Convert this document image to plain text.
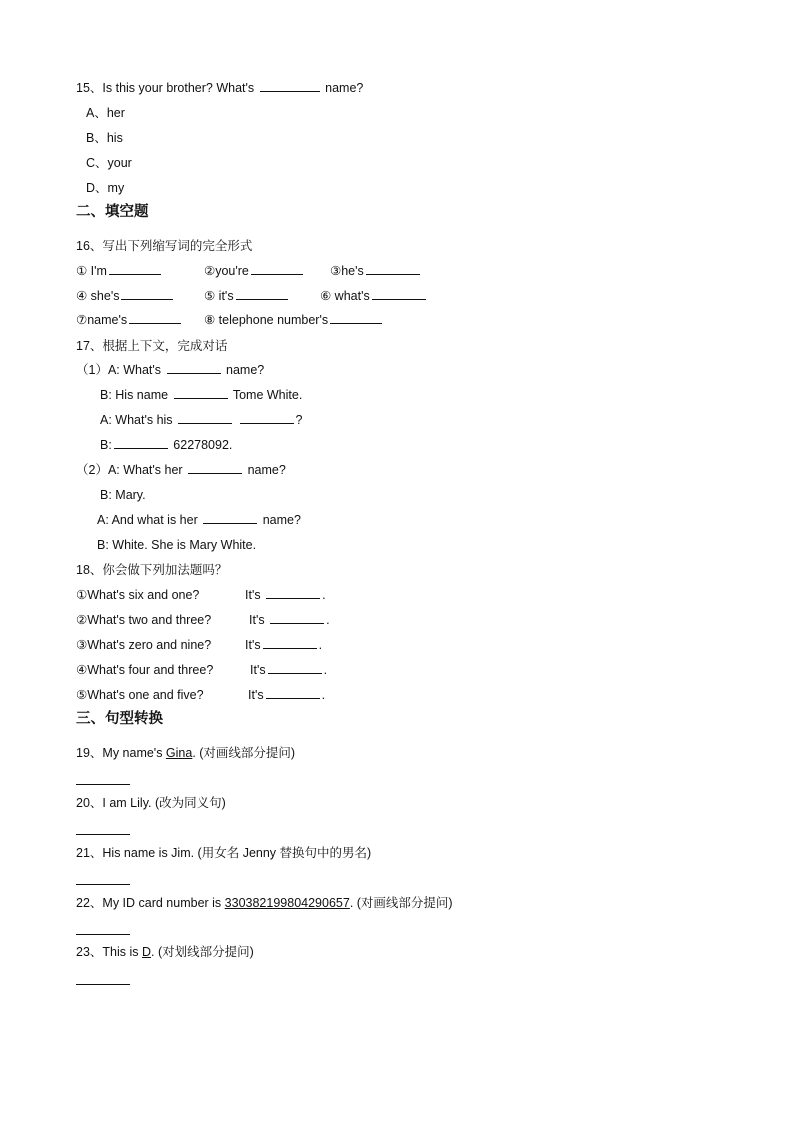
15、Is this your brother? What's	name?
A、her
B、his
C、your
D、my
二、填空题
16、写出下列缩写词的完全形式
① I'm	②you're	③he's
④ she's	⑤ it's	⑥ what's
⑦name's	⑧ telephone number's
17、根据上下文，完成对话
（1）A: What's	name?
B: His name	Tome White.
A: What's his	?
B:	62278092.
（2）A: What's her	name?
B: Mary.
A: And what is her	name?
B: White. She is Mary White.
18、你会做下列加法题吗？
①What's six and one?	It's	.
②What's two and three?	It's	.
③What's zero and nine?	It's	.
④What's four and three?	It's	.
⑤What's one and five?	It's	.
三、句型转换
19、My name's Gina. (对画线部分提问)
20、I am Lily. (改为同义句)
21、His name is Jim. (用女名 Jenny 替换句中的男名)
22、My ID card number is 330382199804290657. (对画线部分提问)
23、This is D. (对划线部分提问)
